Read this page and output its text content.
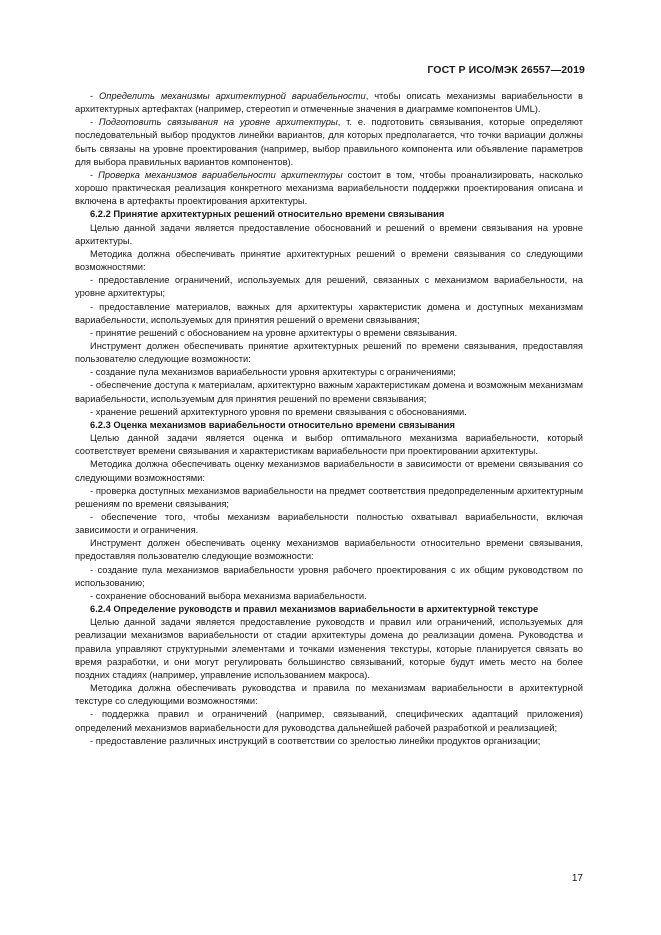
ГОСТ Р ИСО/МЭК 26557—2019

- Определить механизмы архитектурной вариабельности, чтобы описать механизмы вариабельности в архитектурных артефактах (например, стереотип и отмеченные значения в диаграмме компонентов UML).

- Подготовить связывания на уровне архитектуры, т. е. подготовить связывания, которые определяют последовательный выбор продуктов линейки вариантов, для которых предполагается, что точки вариации должны быть связаны на уровне проектирования (например, выбор правильного компонента или объявление параметров для выбора правильных вариантов компонентов).

- Проверка механизмов вариабельности архитектуры состоит в том, чтобы проанализировать, насколько хорошо практическая реализация конкретного механизма вариабельности поддержки проектирования описана и включена в артефакты проектирования архитектуры.

6.2.2 Принятие архитектурных решений относительно времени связывания

Целью данной задачи является предоставление обоснований и решений о времени связывания на уровне архитектуры.

Методика должна обеспечивать принятие архитектурных решений о времени связывания со следующими возможностями:

- предоставление ограничений, используемых для решений, связанных с механизмом вариабельности, на уровне архитектуры;

- предоставление материалов, важных для архитектуры характеристик домена и доступных механизмам вариабельности, используемых для принятия решений о времени связывания;

- принятие решений с обоснованием на уровне архитектуры о времени связывания.

Инструмент должен обеспечивать принятие архитектурных решений по времени связывания, предоставляя пользователю следующие возможности:

- создание пула механизмов вариабельности уровня архитектуры с ограничениями;

- обеспечение доступа к материалам, архитектурно важным характеристикам домена и возможным механизмам вариабельности, используемым для принятия решений по времени связывания;

- хранение решений архитектурного уровня по времени связывания с обоснованиями.

6.2.3 Оценка механизмов вариабельности относительно времени связывания

Целью данной задачи является оценка и выбор оптимального механизма вариабельности, который соответствует времени связывания и характеристикам вариабельности при проектировании архитектуры.

Методика должна обеспечивать оценку механизмов вариабельности в зависимости от времени связывания со следующими возможностями:

- проверка доступных механизмов вариабельности на предмет соответствия предопределенным архитектурным решениям по времени связывания;

- обеспечение того, чтобы механизм вариабельности полностью охватывал вариабельности, включая зависимости и ограничения.

Инструмент должен обеспечивать оценку механизмов вариабельности относительно времени связывания, предоставляя пользователю следующие возможности:

- создание пула механизмов вариабельности уровня рабочего проектирования с их общим руководством по использованию;

- сохранение обоснований выбора механизма вариабельности.

6.2.4 Определение руководств и правил механизмов вариабельности в архитектурной текстуре

Целью данной задачи является предоставление руководств и правил или ограничений, используемых для реализации механизмов вариабельности от стадии архитектуры домена до реализации домена. Руководства и правила управляют структурными элементами и точками изменения текстуры, которые планируется связать во время разработки, и они могут регулировать большинство связываний, которые будут иметь место на более поздних стадиях (например, управление использованием макроса).

Методика должна обеспечивать руководства и правила по механизмам вариабельности в архитектурной текстуре со следующими возможностями:

- поддержка правил и ограничений (например, связываний, специфических адаптаций приложения) определений механизмов вариабельности для руководства дальнейшей рабочей разработкой и реализацией;

- предоставление различных инструкций в соответствии со зрелостью линейки продуктов организации;

17
